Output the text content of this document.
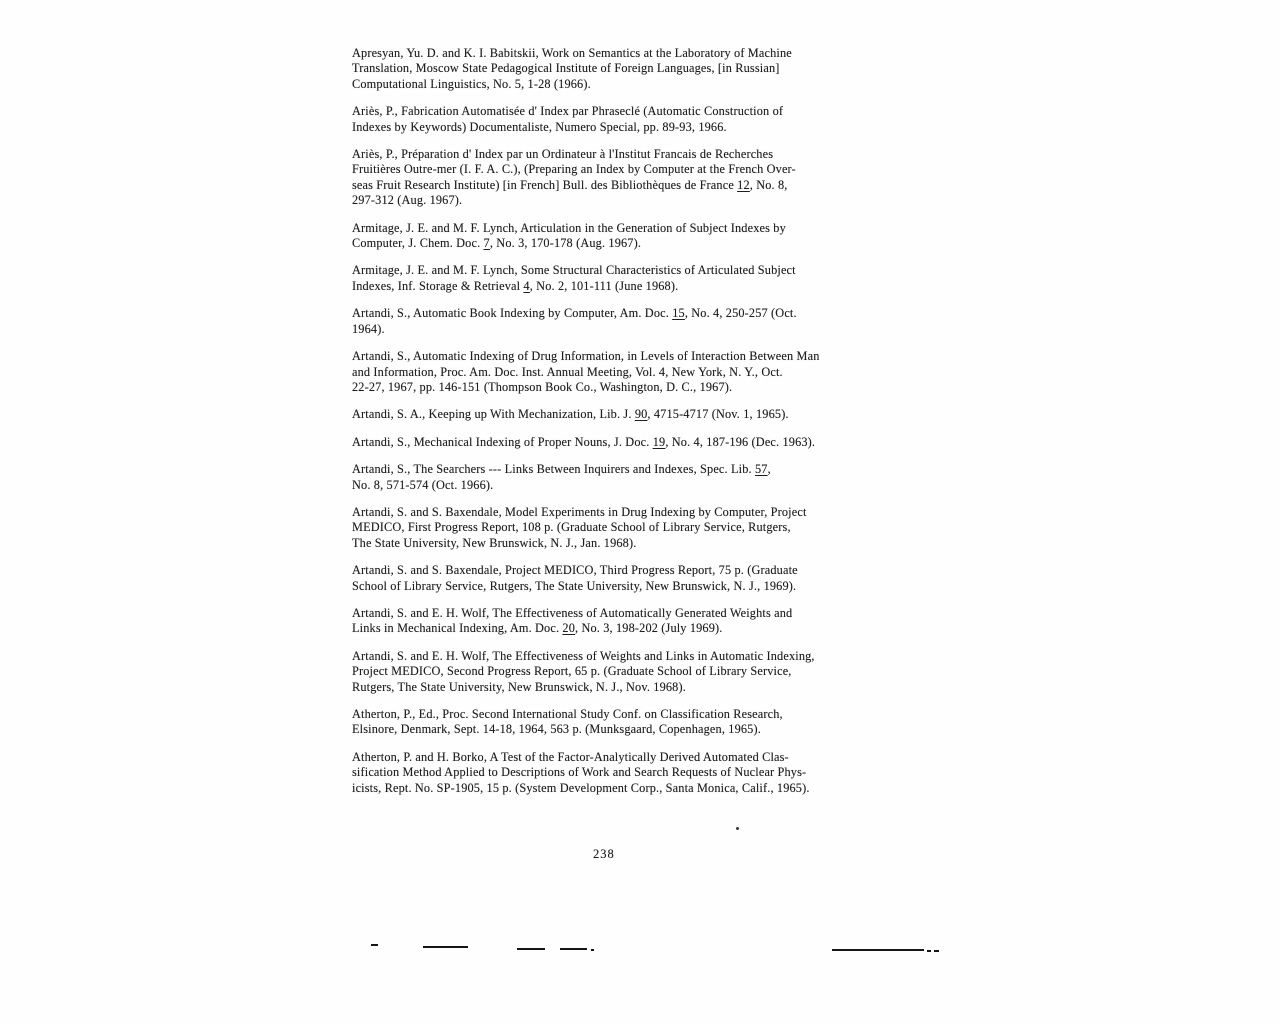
Apresyan, Yu. D. and K. I. Babitskii, Work on Semantics at the Laboratory of Machine
Translation, Moscow State Pedagogical Institute of Foreign Languages, [in Russian]
Computational Linguistics, No. 5, 1-28 (1966).

Ariès, P., Fabrication Automatisée d' Index par Phraseclé (Automatic Construction of
Indexes by Keywords) Documentaliste, Numero Special, pp. 89-93, 1966.

Ariès, P., Préparation d' Index par un Ordinateur à l'Institut Francais de Recherches
Fruitières Outre-mer (I. F. A. C.), (Preparing an Index by Computer at the French Over-
seas Fruit Research Institute) [in French] Bull. des Bibliothèques de France 12, No. 8,
297-312 (Aug. 1967).

Armitage, J. E. and M. F. Lynch, Articulation in the Generation of Subject Indexes by
Computer, J. Chem. Doc. 7, No. 3, 170-178 (Aug. 1967).

Armitage, J. E. and M. F. Lynch, Some Structural Characteristics of Articulated Subject
Indexes, Inf. Storage & Retrieval 4, No. 2, 101-111 (June 1968).

Artandi, S., Automatic Book Indexing by Computer, Am. Doc. 15, No. 4, 250-257 (Oct.
1964).

Artandi, S., Automatic Indexing of Drug Information, in Levels of Interaction Between Man
and Information, Proc. Am. Doc. Inst. Annual Meeting, Vol. 4, New York, N. Y., Oct.
22-27, 1967, pp. 146-151 (Thompson Book Co., Washington, D. C., 1967).

Artandi, S. A., Keeping up With Mechanization, Lib. J. 90, 4715-4717 (Nov. 1, 1965).

Artandi, S., Mechanical Indexing of Proper Nouns, J. Doc. 19, No. 4, 187-196 (Dec. 1963).

Artandi, S., The Searchers --- Links Between Inquirers and Indexes, Spec. Lib. 57,
No. 8, 571-574 (Oct. 1966).

Artandi, S. and S. Baxendale, Model Experiments in Drug Indexing by Computer, Project
MEDICO, First Progress Report, 108 p. (Graduate School of Library Service, Rutgers,
The State University, New Brunswick, N. J., Jan. 1968).

Artandi, S. and S. Baxendale, Project MEDICO, Third Progress Report, 75 p. (Graduate
School of Library Service, Rutgers, The State University, New Brunswick, N. J., 1969).

Artandi, S. and E. H. Wolf, The Effectiveness of Automatically Generated Weights and
Links in Mechanical Indexing, Am. Doc. 20, No. 3, 198-202 (July 1969).

Artandi, S. and E. H. Wolf, The Effectiveness of Weights and Links in Automatic Indexing,
Project MEDICO, Second Progress Report, 65 p. (Graduate School of Library Service,
Rutgers, The State University, New Brunswick, N. J., Nov. 1968).

Atherton, P., Ed., Proc. Second International Study Conf. on Classification Research,
Elsinore, Denmark, Sept. 14-18, 1964, 563 p. (Munksgaard, Copenhagen, 1965).

Atherton, P. and H. Borko, A Test of the Factor-Analytically Derived Automated Clas-
sification Method Applied to Descriptions of Work and Search Requests of Nuclear Phys-
icists, Rept. No. SP-1905, 15 p. (System Development Corp., Santa Monica, Calif., 1965).

238
